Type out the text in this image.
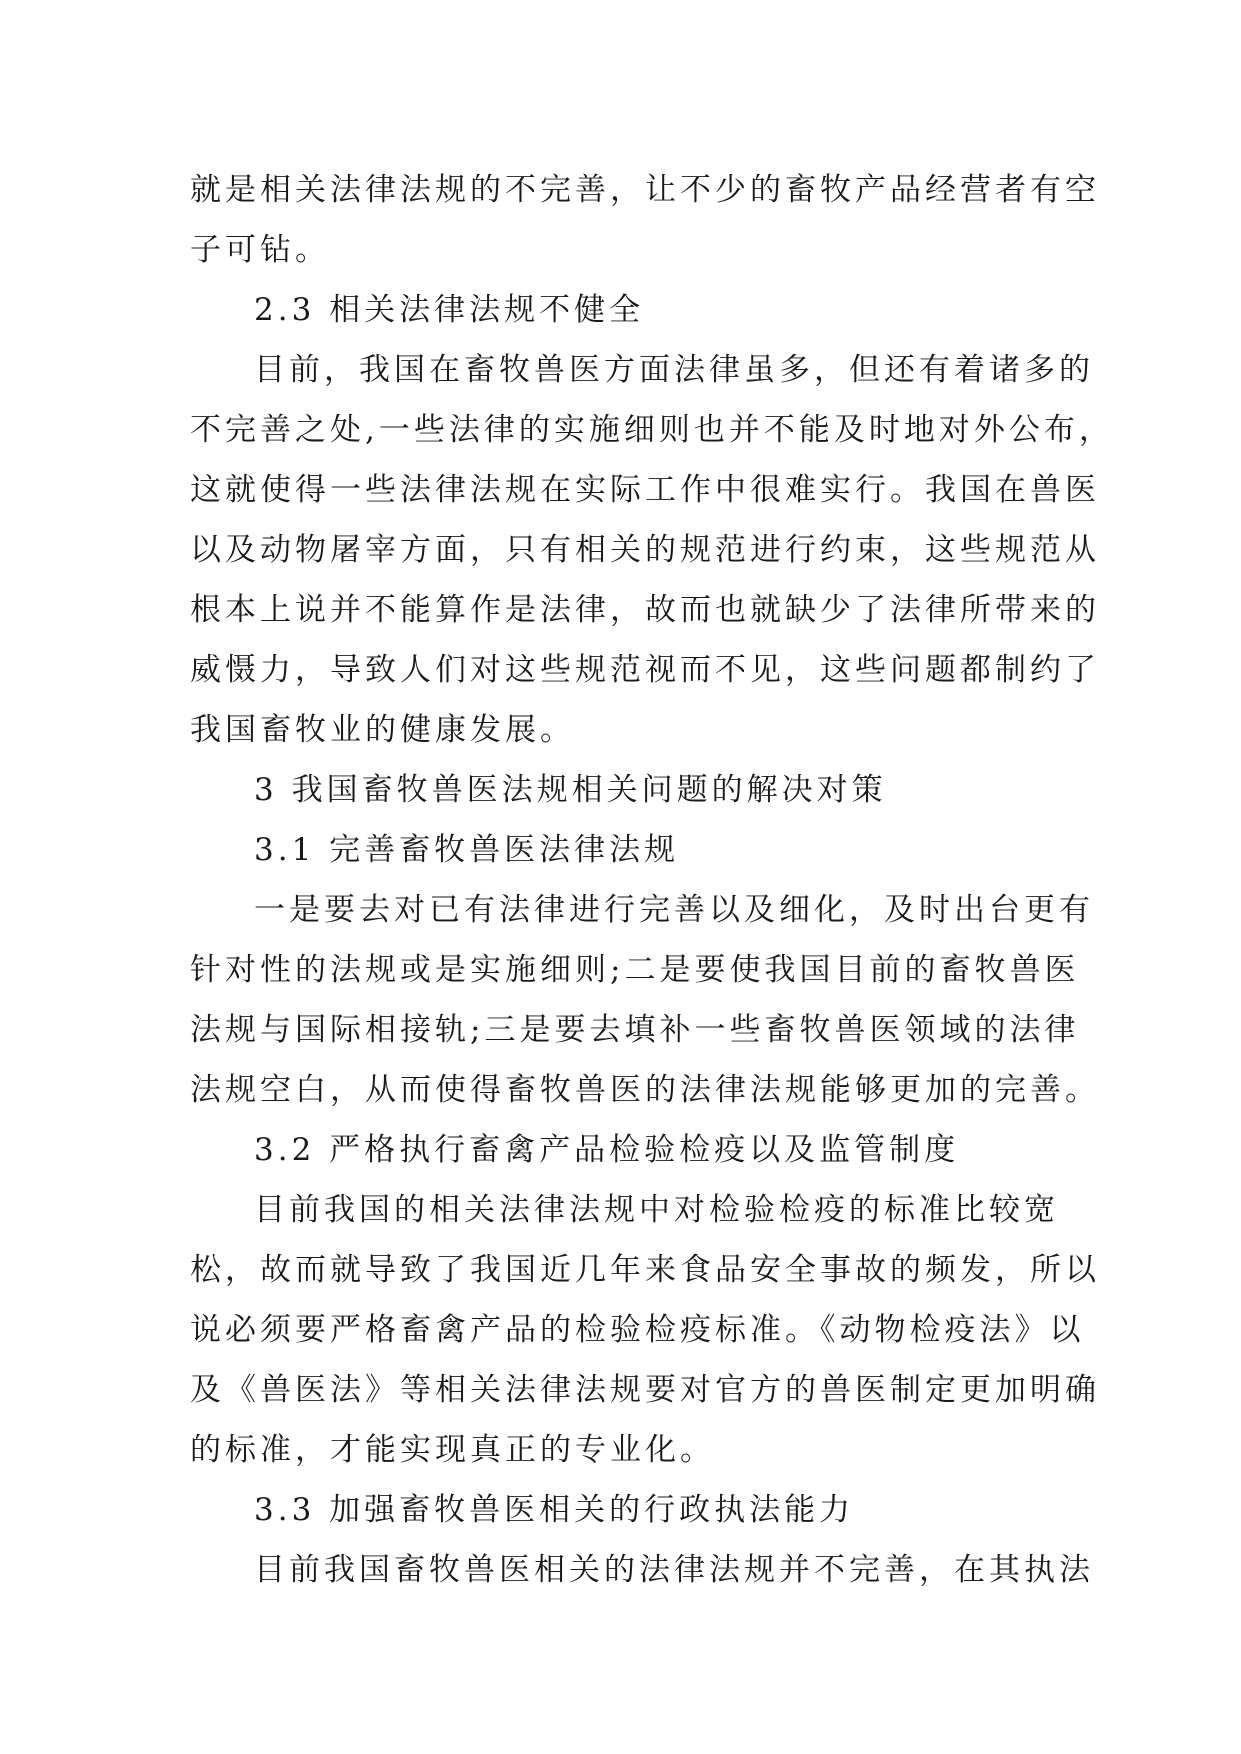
就是相关法律法规的不完善，让不少的畜牧产品经营者有空
子可钻。
2.3 相关法律法规不健全
目前，我国在畜牧兽医方面法律虽多，但还有着诸多的
不完善之处,一些法律的实施细则也并不能及时地对外公布，
这就使得一些法律法规在实际工作中很难实行。我国在兽医
以及动物屠宰方面，只有相关的规范进行约束，这些规范从
根本上说并不能算作是法律，故而也就缺少了法律所带来的
威慑力，导致人们对这些规范视而不见，这些问题都制约了
我国畜牧业的健康发展。
3 我国畜牧兽医法规相关问题的解决对策
3.1 完善畜牧兽医法律法规
一是要去对已有法律进行完善以及细化，及时出台更有
针对性的法规或是实施细则;二是要使我国目前的畜牧兽医
法规与国际相接轨;三是要去填补一些畜牧兽医领域的法律
法规空白，从而使得畜牧兽医的法律法规能够更加的完善。
3.2 严格执行畜禽产品检验检疫以及监管制度
目前我国的相关法律法规中对检验检疫的标准比较宽
松，故而就导致了我国近几年来食品安全事故的频发，所以
说必须要严格畜禽产品的检验检疫标准。《动物检疫法》以
及《兽医法》等相关法律法规要对官方的兽医制定更加明确
的标准，才能实现真正的专业化。
3.3 加强畜牧兽医相关的行政执法能力
目前我国畜牧兽医相关的法律法规并不完善，在其执法
